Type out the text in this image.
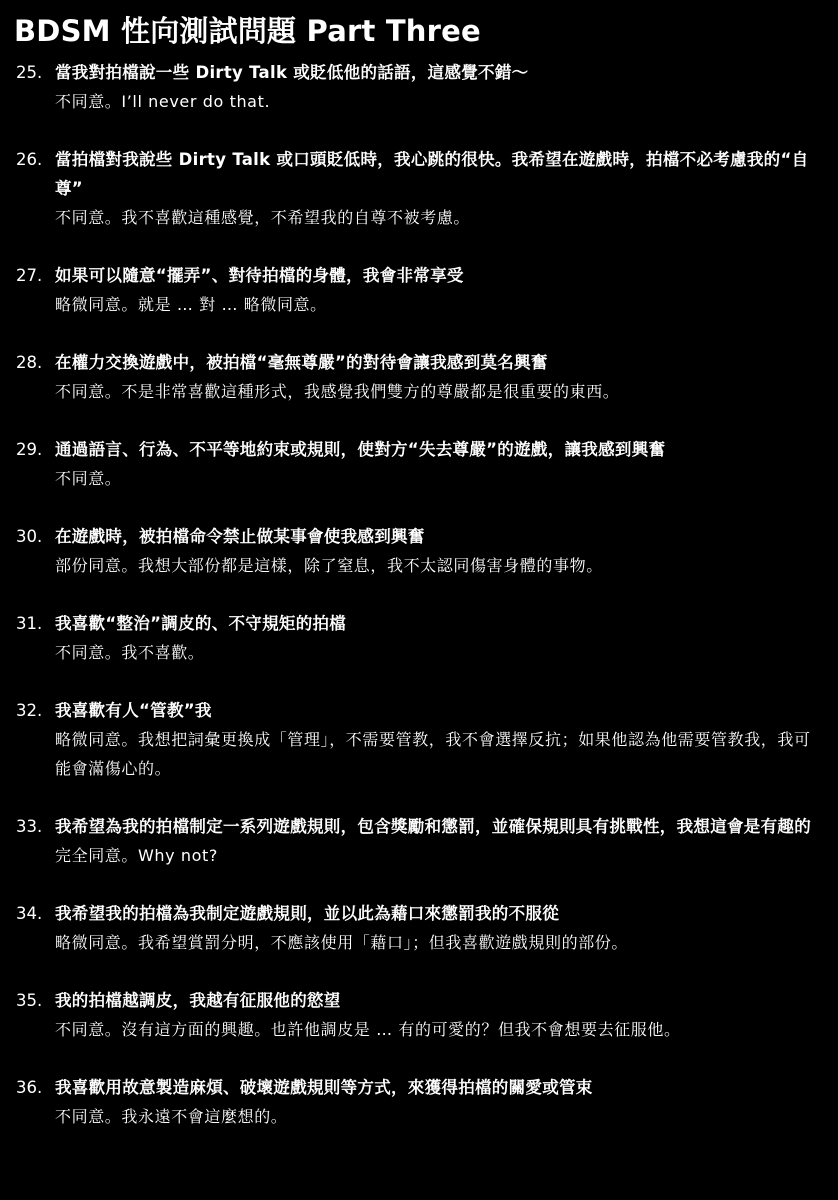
BDSM 性向測試問題 Part Three
25. 當我對拍檔說一些 Dirty Talk 或貶低他的話語，這感覺不錯～
不同意。I’ll never do that.
26. 當拍檔對我說些 Dirty Talk 或口頭貶低時，我心跳的很快。我希望在遊戲時，拍檔不必考慮我的“自尊”
不同意。我不喜歡這種感覺，不希望我的自尊不被考慮。
27. 如果可以隨意“擺弄”、對待拍檔的身體，我會非常享受
略微同意。就是 … 對 … 略微同意。
28. 在權力交換遊戲中，被拍檔“毫無尊嚴”的對待會讓我感到莫名興奮
不同意。不是非常喜歡這種形式，我感覺我們雙方的尊嚴都是很重要的東西。
29. 通過語言、行為、不平等地約束或規則，使對方“失去尊嚴”的遊戲，讓我感到興奮
不同意。
30. 在遊戲時，被拍檔命令禁止做某事會使我感到興奮
部份同意。我想大部份都是這樣，除了窒息，我不太認同傷害身體的事物。
31. 我喜歡“整治”調皮的、不守規矩的拍檔
不同意。我不喜歡。
32. 我喜歡有人“管教”我
略微同意。我想把詞彙更換成「管理」，不需要管教，我不會選擇反抗；如果他認為他需要管教我，我可能會滿傷心的。
33. 我希望為我的拍檔制定一系列遊戲規則，包含獎勵和懲罰，並確保規則具有挑戰性，我想這會是有趣的
完全同意。Why not?
34. 我希望我的拍檔為我制定遊戲規則，並以此為藉口來懲罰我的不服從
略微同意。我希望賞罰分明，不應該使用「藉口」；但我喜歡遊戲規則的部份。
35. 我的拍檔越調皮，我越有征服他的慾望
不同意。沒有這方面的興趣。也許他調皮是 … 有的可愛的？但我不會想要去征服他。
36. 我喜歡用故意製造麻煩、破壞遊戲規則等方式，來獲得拍檔的關愛或管束
不同意。我永遠不會這麼想的。
